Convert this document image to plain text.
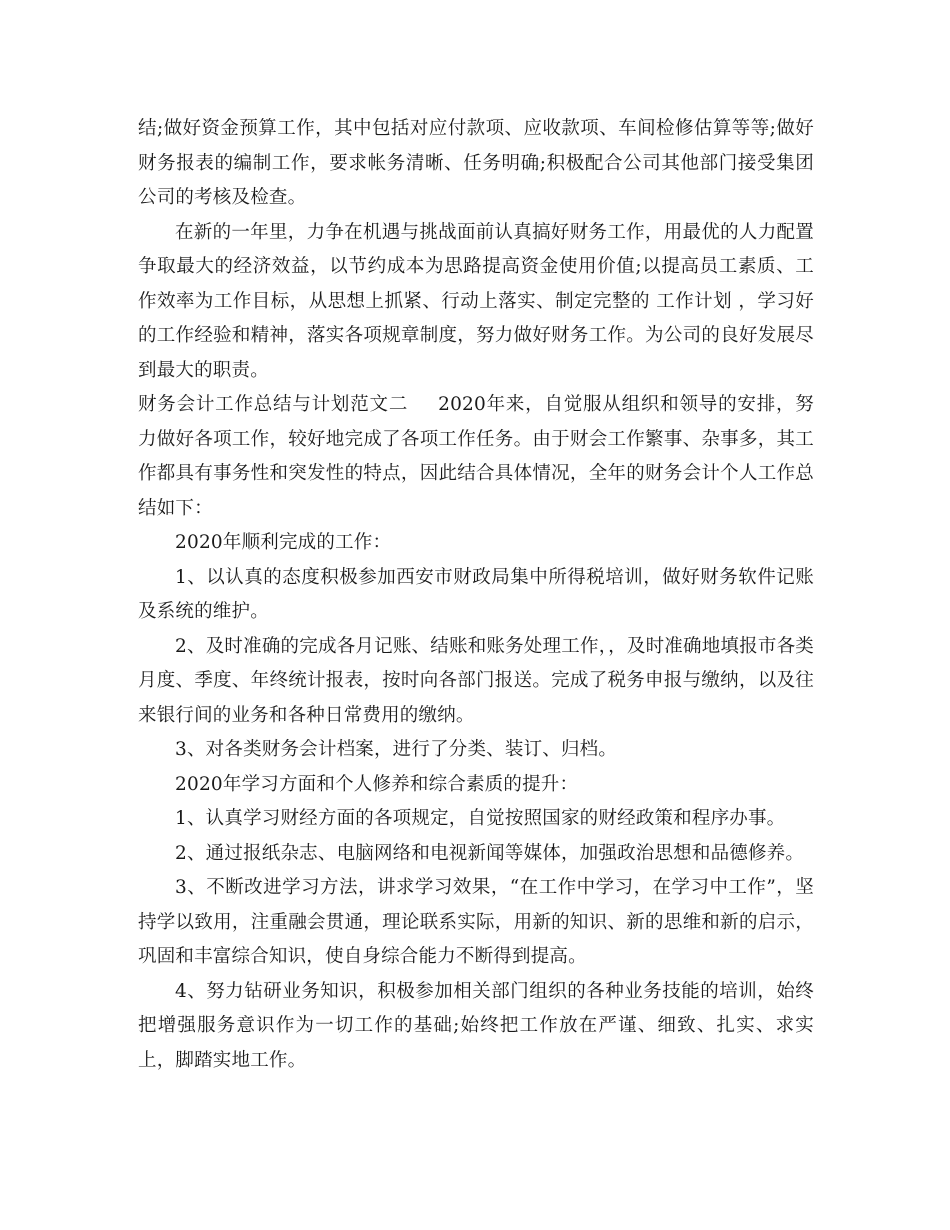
结;做好资金预算工作，其中包括对应付款项、应收款项、车间检修估算等等;做好财务报表的编制工作，要求帐务清晰、任务明确;积极配合公司其他部门接受集团公司的考核及检查。

在新的一年里，力争在机遇与挑战面前认真搞好财务工作，用最优的人力配置争取最大的经济效益，以节约成本为思路提高资金使用价值;以提高员工素质、工作效率为工作目标，从思想上抓紧、行动上落实、制定完整的 工作计划 ，学习好的工作经验和精神，落实各项规章制度，努力做好财务工作。为公司的良好发展尽到最大的职责。

财务会计工作总结与计划范文二 2020年来，自觉服从组织和领导的安排，努力做好各项工作，较好地完成了各项工作任务。由于财会工作繁事、杂事多，其工作都具有事务性和突发性的特点，因此结合具体情况，全年的财务会计个人工作总结如下：

2020年顺利完成的工作：

1、以认真的态度积极参加西安市财政局集中所得税培训，做好财务软件记账及系统的维护。

2、及时准确的完成各月记账、结账和账务处理工作，，及时准确地填报市各类月度、季度、年终统计报表，按时向各部门报送。完成了税务申报与缴纳，以及往来银行间的业务和各种日常费用的缴纳。

3、对各类财务会计档案，进行了分类、装订、归档。

2020年学习方面和个人修养和综合素质的提升：

1、认真学习财经方面的各项规定，自觉按照国家的财经政策和程序办事。

2、通过报纸杂志、电脑网络和电视新闻等媒体，加强政治思想和品德修养。

3、不断改进学习方法，讲求学习效果，“在工作中学习，在学习中工作”，坚持学以致用，注重融会贯通，理论联系实际，用新的知识、新的思维和新的启示，巩固和丰富综合知识，使自身综合能力不断得到提高。

4、努力钻研业务知识，积极参加相关部门组织的各种业务技能的培训，始终把增强服务意识作为一切工作的基础;始终把工作放在严谨、细致、扎实、求实上，脚踏实地工作。
